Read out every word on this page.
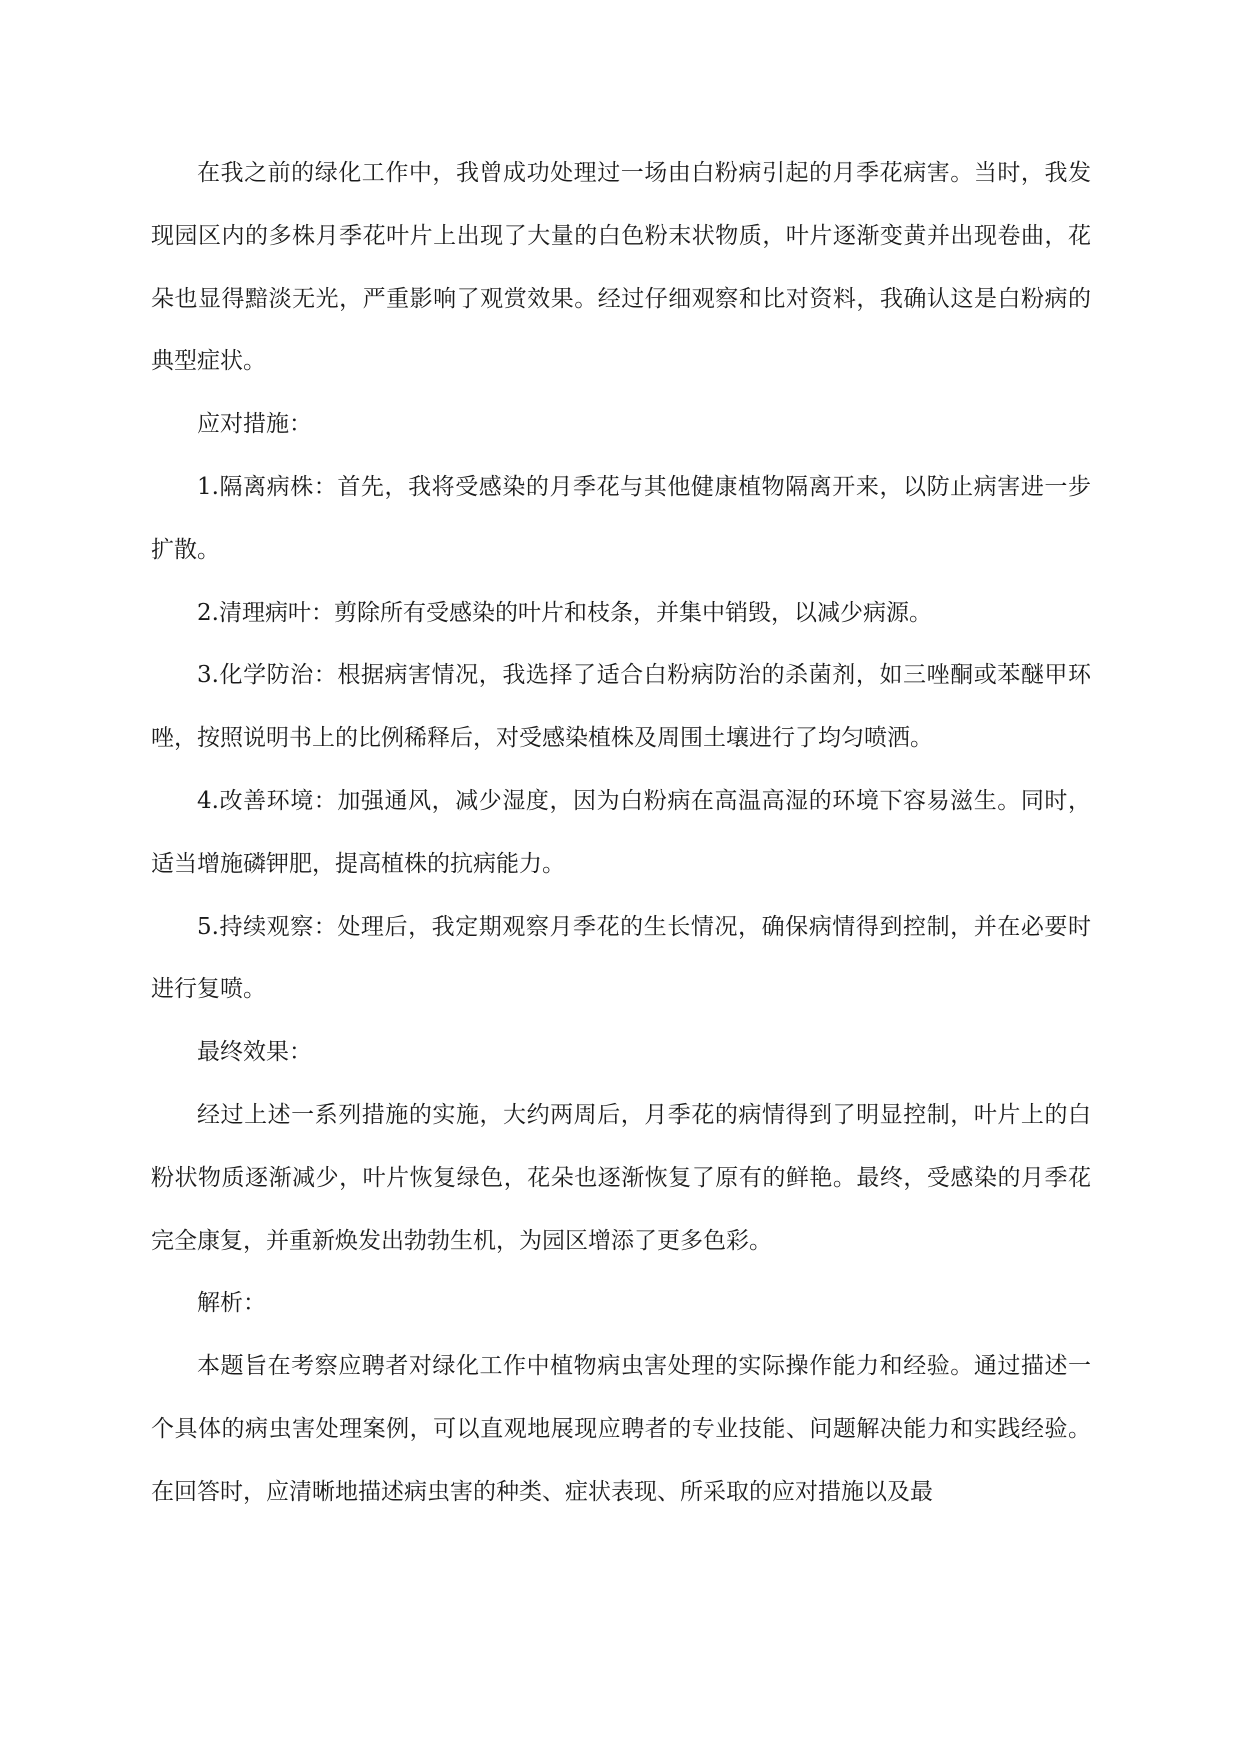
在我之前的绿化工作中，我曾成功处理过一场由白粉病引起的月季花病害。当时，我发现园区内的多株月季花叶片上出现了大量的白色粉末状物质，叶片逐渐变黄并出现卷曲，花朵也显得黯淡无光，严重影响了观赏效果。经过仔细观察和比对资料，我确认这是白粉病的典型症状。

应对措施：

1.隔离病株：首先，我将受感染的月季花与其他健康植物隔离开来，以防止病害进一步扩散。

2.清理病叶：剪除所有受感染的叶片和枝条，并集中销毁，以减少病源。

3.化学防治：根据病害情况，我选择了适合白粉病防治的杀菌剂，如三唑酮或苯醚甲环唑，按照说明书上的比例稀释后，对受感染植株及周围土壤进行了均匀喷洒。

4.改善环境：加强通风，减少湿度，因为白粉病在高温高湿的环境下容易滋生。同时，适当增施磷钾肥，提高植株的抗病能力。

5.持续观察：处理后，我定期观察月季花的生长情况，确保病情得到控制，并在必要时进行复喷。

最终效果：

经过上述一系列措施的实施，大约两周后，月季花的病情得到了明显控制，叶片上的白粉状物质逐渐减少，叶片恢复绿色，花朵也逐渐恢复了原有的鲜艳。最终，受感染的月季花完全康复，并重新焕发出勃勃生机，为园区增添了更多色彩。

解析：

本题旨在考察应聘者对绿化工作中植物病虫害处理的实际操作能力和经验。通过描述一个具体的病虫害处理案例，可以直观地展现应聘者的专业技能、问题解决能力和实践经验。在回答时，应清晰地描述病虫害的种类、症状表现、所采取的应对措施以及最
